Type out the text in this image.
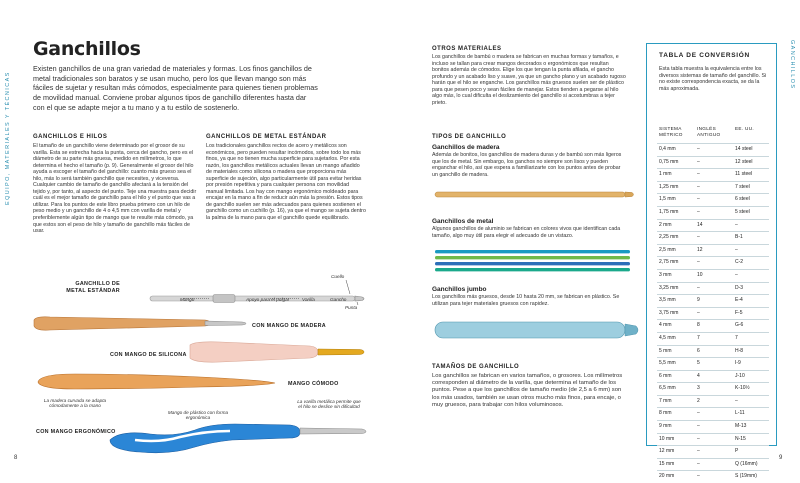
EQUIPO, MATERIALES Y TÉCNICAS
Ganchillos
Existen ganchillos de una gran variedad de materiales y formas. Los finos ganchillos de metal tradicionales son baratos y se usan mucho, pero los que llevan mango son más fáciles de sujetar y resultan más cómodos, especialmente para quienes tienen problemas de movilidad manual. Conviene probar algunos tipos de ganchillo diferentes hasta dar con el que se adapte mejor a tu mano y a tu estilo de sostenerlo.
GANCHILLOS E HILOS
El tamaño de un ganchillo viene determinado por el grosor de su varilla. Esta se estrecha hacia la punta, cerca del gancho, pero es el diámetro de su parte más gruesa, medido en milímetros, lo que determina el hecho el tamaño (p. 9). Generalmente el grosor del hilo ayuda a escoger el tamaño del ganchillo: cuanto más grueso sea el hilo, más lo será también ganchillo que necesites, y viceversa. Cualquier cambio de tamaño de ganchillo afectará a la tensión del tejido y, por tanto, al aspecto del punto. Teje una muestra para decidir cuál es el mejor tamaño de ganchillo para el hilo y el punto que vas a utilizar. Para los puntos de este libro prueba primero con un hilo de peso medio y un ganchillo de 4 o 4,5 mm con varilla de metal y preferiblemente algún tipo de mango que te resulte más cómodo, ya que estos son el peso de hilo y tamaño de ganchillo más fáciles de usar.
GANCHILLOS DE METAL ESTÁNDAR
Los tradicionales ganchillos rectos de acero y metálicos son económicos, pero pueden resultar incómodos, sobre todo los más finos, ya que no tienen mucha superficie para sujetarlos. Por esta razón, los ganchillos metálicos actuales llevan un mango añadido de materiales como silicona o madera que proporciona más superficie de sujeción, algo particularmente útil para evitar heridas por presión repetitiva y para cualquier persona con movilidad manual limitada. Los hay con mango ergonómico moldeado para encajar en la mano a fin de reducir aún más la presión. Estos tipos de ganchillo suelen ser más adecuados para quienes sostienen el ganchillo como un cuchillo (p. 16), ya que el mango se sujeta dentro la palma de la mano para que el ganchillo quede equilibrado.
GANCHILLO DE METAL ESTÁNDAR
Mango	Apoyo para el pulgar	Varilla	Gancho
Cuello
Punta
CON MANGO DE MADERA
CON MANGO DE SILICONA
MANGO CÓMODO
CON MANGO ERGONÓMICO
La madera curvada se adapta cómodamente a la mano
Mango de plástico con forma ergonómica
La varilla metálica permite que el hilo se deslice sin dificultad
8
OTROS MATERIALES
Los ganchillos de bambú o madera se fabrican en muchas formas y tamaños, e incluso se tallan para crear mangos decorados o ergonómicos que resultan bonitos además de cómodos. Elige los que tengan la punta afilada, el gancho profundo y un acabado liso y suave, ya que un gancho plano y un acabado rugoso harán que el hilo se enganche. Los ganchillos más gruesos suelen ser de plástico para que pesen poco y sean fáciles de manejar. Estos tienden a pegarse al hilo algo más, lo cual dificulta el deslizamiento del ganchillo si acostumbras a tejer prieto.
TIPOS DE GANCHILLO
Ganchillos de madera
Además de bonitos, los ganchillos de madera duras y de bambú son más ligeros que los de metal. Sin embargo, los ganchos no siempre son lisos y pueden enganchar el hilo, así que espera a familiarizarte con los puntos antes de probar un ganchillo de madera.
Ganchillos de metal
Algunos ganchillos de aluminio se fabrican en colores vivos que identifican cada tamaño, algo muy útil para elegir el adecuado de un vistazo.
Ganchillos jumbo
Los ganchillos más gruesos, desde 10 hasta 20 mm, se fabrican en plástico. Se utilizan para tejer materiales gruesos con rapidez.
TAMAÑOS DE GANCHILLO
Los ganchillos se fabrican en varios tamaños, o grosores. Los milímetros corresponden al diámetro de la varilla, que determina el tamaño de los puntos. Pese a que los ganchillos de tamaño medio (de 2,5 a 6 mm) son los más usados, también se usan otros mucho más finos, para encaje, o muy gruesos, para trabajar con hilos voluminosos.
9
GANCHILLOS
TABLA DE CONVERSIÓN
Esta tabla muestra la equivalencia entre los diversos sistemas de tamaño del ganchillo. Si no existe correspondencia exacta, se da la más aproximada.
SISTEMA MÉTRICO
INGLÉS ANTIGUO
EE. UU.
0,4 mm	–	14 steel
0,75 mm	–	12 steel
1 mm	–	11 steel
1,25 mm	–	7 steel
1,5 mm	–	6 steel
1,75 mm	–	5 steel
2 mm	14	–
2,25 mm	–	B-1
2,5 mm	12	–
2,75 mm	–	C-2
3 mm	10	–
3,25 mm	–	D-3
3,5 mm	9	E-4
3,75 mm	–	F-5
4 mm	8	G-6
4,5 mm	7	7
5 mm	6	H-8
5,5 mm	5	I-9
6 mm	4	J-10
6,5 mm	3	K-10½
7 mm	2	–
8 mm	–	L-11
9 mm	–	M-13
10 mm	–	N-15
12 mm	–	P
15 mm	–	Q (16mm)
20 mm	–	S (19mm)
